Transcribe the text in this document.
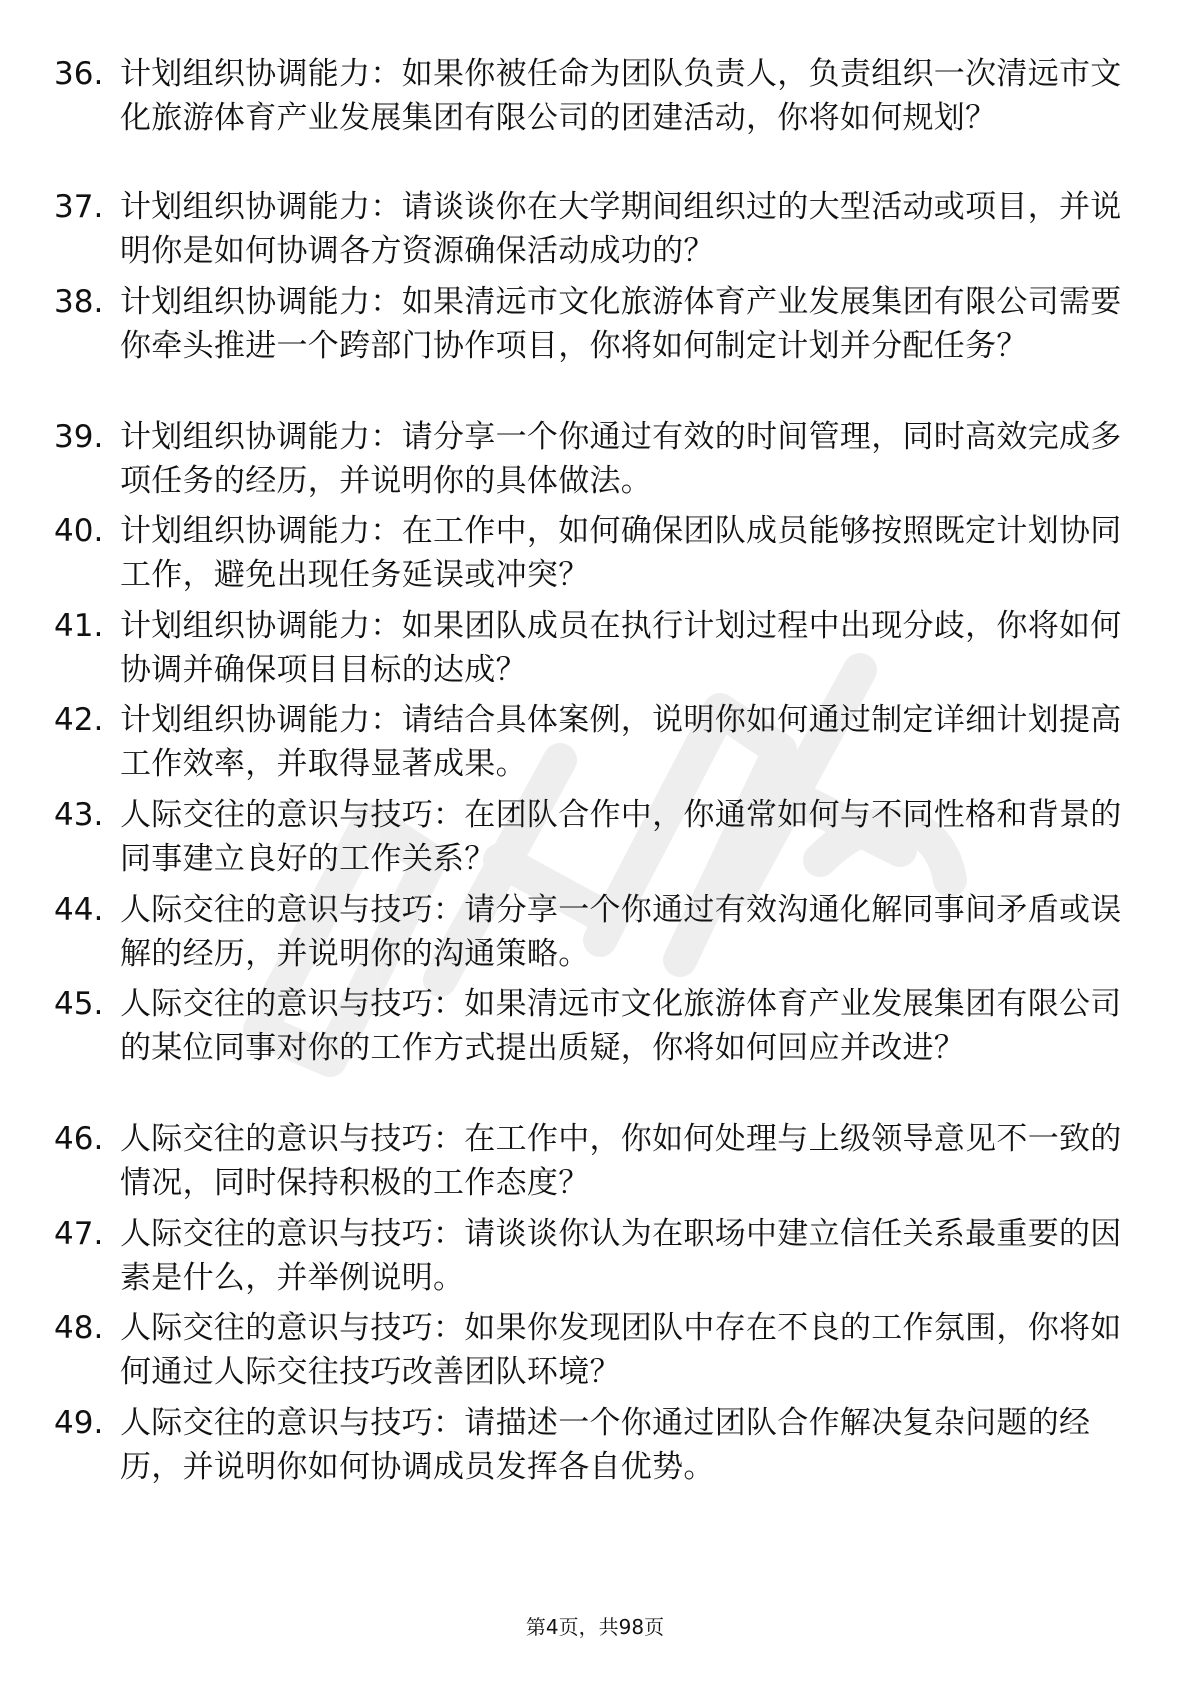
36. 计划组织协调能力：如果你被任命为团队负责人，负责组织一次清远市文化旅游体育产业发展集团有限公司的团建活动，你将如何规划？
37. 计划组织协调能力：请谈谈你在大学期间组织过的大型活动或项目，并说明你是如何协调各方资源确保活动成功的？
38. 计划组织协调能力：如果清远市文化旅游体育产业发展集团有限公司需要你牵头推进一个跨部门协作项目，你将如何制定计划并分配任务？
39. 计划组织协调能力：请分享一个你通过有效的时间管理，同时高效完成多项任务的经历，并说明你的具体做法。
40. 计划组织协调能力：在工作中，如何确保团队成员能够按照既定计划协同工作，避免出现任务延误或冲突？
41. 计划组织协调能力：如果团队成员在执行计划过程中出现分歧，你将如何协调并确保项目目标的达成？
42. 计划组织协调能力：请结合具体案例，说明你如何通过制定详细计划提高工作效率，并取得显著成果。
43. 人际交往的意识与技巧：在团队合作中，你通常如何与不同性格和背景的同事建立良好的工作关系？
44. 人际交往的意识与技巧：请分享一个你通过有效沟通化解同事间矛盾或误解的经历，并说明你的沟通策略。
45. 人际交往的意识与技巧：如果清远市文化旅游体育产业发展集团有限公司的某位同事对你的工作方式提出质疑，你将如何回应并改进？
46. 人际交往的意识与技巧：在工作中，你如何处理与上级领导意见不一致的情况，同时保持积极的工作态度？
47. 人际交往的意识与技巧：请谈谈你认为在职场中建立信任关系最重要的因素是什么，并举例说明。
48. 人际交往的意识与技巧：如果你发现团队中存在不良的工作氛围，你将如何通过人际交往技巧改善团队环境？
49. 人际交往的意识与技巧：请描述一个你通过团队合作解决复杂问题的经历，并说明你如何协调成员发挥各自优势。
第4页，共98页
